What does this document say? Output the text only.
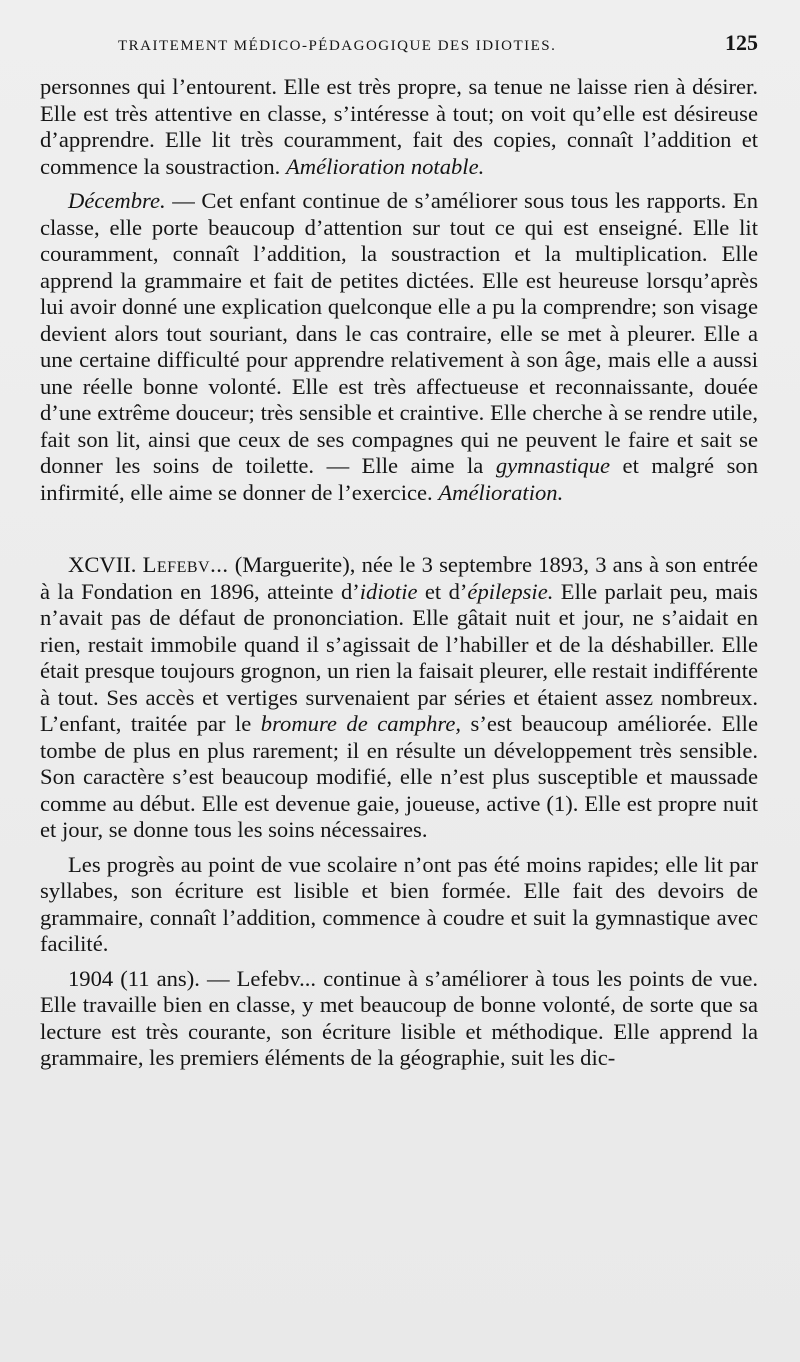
TRAITEMENT MÉDICO-PÉDAGOGIQUE DES IDIOTIES.	125

personnes qui l’entourent. Elle est très propre, sa tenue ne laisse rien à désirer. Elle est très attentive en classe, s’intéresse à tout; on voit qu’elle est désireuse d’apprendre. Elle lit très couramment, fait des copies, connaît l’addition et commence la soustraction. Amélioration notable.

Décembre. — Cet enfant continue de s’améliorer sous tous les rapports. En classe, elle porte beaucoup d’attention sur tout ce qui est enseigné. Elle lit couramment, connaît l’addition, la soustraction et la multiplication. Elle apprend la grammaire et fait de petites dictées. Elle est heureuse lorsqu’après lui avoir donné une explication quelconque elle a pu la comprendre; son visage devient alors tout souriant, dans le cas contraire, elle se met à pleurer. Elle a une certaine difficulté pour apprendre relativement à son âge, mais elle a aussi une réelle bonne volonté. Elle est très affectueuse et reconnaissante, douée d’une extrême douceur; très sensible et craintive. Elle cherche à se rendre utile, fait son lit, ainsi que ceux de ses compagnes qui ne peuvent le faire et sait se donner les soins de toilette. — Elle aime la gymnastique et malgré son infirmité, elle aime se donner de l’exercice. Amélioration.

XCVII. Lefebv... (Marguerite), née le 3 septembre 1893, 3 ans à son entrée à la Fondation en 1896, atteinte d’idiotie et d’épilepsie. Elle parlait peu, mais n’avait pas de défaut de prononciation. Elle gâtait nuit et jour, ne s’aidait en rien, restait immobile quand il s’agissait de l’habiller et de la déshabiller. Elle était presque toujours grognon, un rien la faisait pleurer, elle restait indifférente à tout. Ses accès et vertiges survenaient par séries et étaient assez nombreux. L’enfant, traitée par le bromure de camphre, s’est beaucoup améliorée. Elle tombe de plus en plus rarement; il en résulte un développement très sensible. Son caractère s’est beaucoup modifié, elle n’est plus susceptible et maussade comme au début. Elle est devenue gaie, joueuse, active (1). Elle est propre nuit et jour, se donne tous les soins nécessaires.

Les progrès au point de vue scolaire n’ont pas été moins rapides; elle lit par syllabes, son écriture est lisible et bien formée. Elle fait des devoirs de grammaire, connaît l’addition, commence à coudre et suit la gymnastique avec facilité.

1904 (11 ans). — Lefebv... continue à s’améliorer à tous les points de vue. Elle travaille bien en classe, y met beaucoup de bonne volonté, de sorte que sa lecture est très courante, son écriture lisible et méthodique. Elle apprend la grammaire, les premiers éléments de la géographie, suit les dic-
